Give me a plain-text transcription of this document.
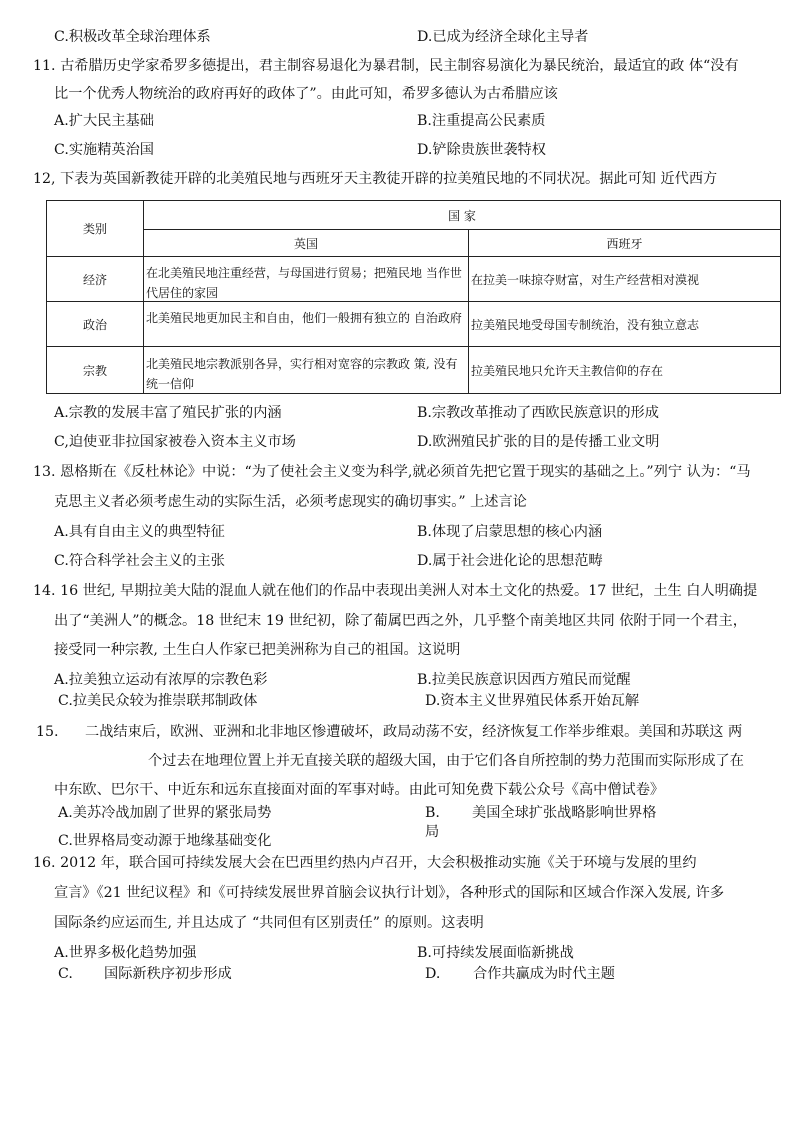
C.积极改革全球治理体系	D.已成为经济全球化主导者
11. 古希腊历史学家希罗多德提出，君主制容易退化为暴君制，民主制容易演化为暴民统治，最适宜的政 体“没有
比一个优秀人物统治的政府再好的政体了”。由此可知，希罗多德认为古希腊应该
A.扩大民主基础	B.注重提高公民素质
C.实施精英治国	D.铲除贵族世袭特权
12, 下表为英国新教徒开辟的北美殖民地与西班牙天主教徒开辟的拉美殖民地的不同状况。据此可知 近代西方
类别	国 家	
	英国	西班牙
经济	在北美殖民地注重经营，与母国进行贸易；把殖民地 当作世代居住的家园	在拉美一味掠夺财富，对生产经营相对漠视
政治	北美殖民地更加民主和自由，他们一般拥有独立的 自治政府	拉美殖民地受母国专制统治，没有独立意志
宗教	北美殖民地宗教派别各异，实行相对宽容的宗教政 策, 没有统一信仰	拉美殖民地只允许天主教信仰的存在
A.宗教的发展丰富了殖民扩张的内涵	B.宗教改革推动了西欧民族意识的形成
C,迫使亚非拉国家被卷入资本主义市场	D.欧洲殖民扩张的目的是传播工业文明
13. 恩格斯在《反杜林论》中说：“为了使社会主义变为科学,就必须首先把它置于现实的基础之上。”列宁 认为：“马
克思主义者必须考虑生动的实际生活，必须考虑现实的确切事实。” 上述言论
A.具有自由主义的典型特征	B.体现了启蒙思想的核心内涵
C.符合科学社会主义的主张	D.属于社会进化论的思想范畴
14. 16 世纪, 早期拉美大陆的混血人就在他们的作品中表现出美洲人对本土文化的热爱。17 世纪，土生 白人明确提
出了“美洲人”的概念。18 世纪末 19 世纪初，除了葡属巴西之外，几乎整个南美地区共同 依附于同一个君主，
接受同一种宗教, 土生白人作家已把美洲称为自己的祖国。这说明
A.拉美独立运动有浓厚的宗教色彩	B.拉美民族意识因西方殖民而觉醒
C.拉美民众较为推崇联邦制政体	D.资本主义世界殖民体系开始瓦解
15. 二战结束后，欧洲、亚洲和北非地区惨遭破坏，政局动荡不安，经济恢复工作举步维艰。美国和苏联这 两
个过去在地理位置上并无直接关联的超级大国，由于它们各自所控制的势力范围而实际形成了在
中东欧、巴尔干、中近东和远东直接面对面的军事对峙。由此可知免费下载公众号《高中僧试卷》
A.美苏冷战加剧了世界的紧张局势	B. 美国全球扩张战略影响世界格
局
C.世界格局变动源于地缘基础变化
16. 2012 年，联合国可持续发展大会在巴西里约热内卢召开，大会积极推动实施《关于环境与发展的里约
宣言》《21 世纪议程》和《可持续发展世界首脑会议执行计划》，各种形式的国际和区域合作深入发展, 许多
国际条约应运而生, 并且达成了 “共同但有区别责任” 的原则。这表明
A.世界多极化趋势加强	B.可持续发展面临新挑战
C. 国际新秩序初步形成	D. 合作共赢成为时代主题
